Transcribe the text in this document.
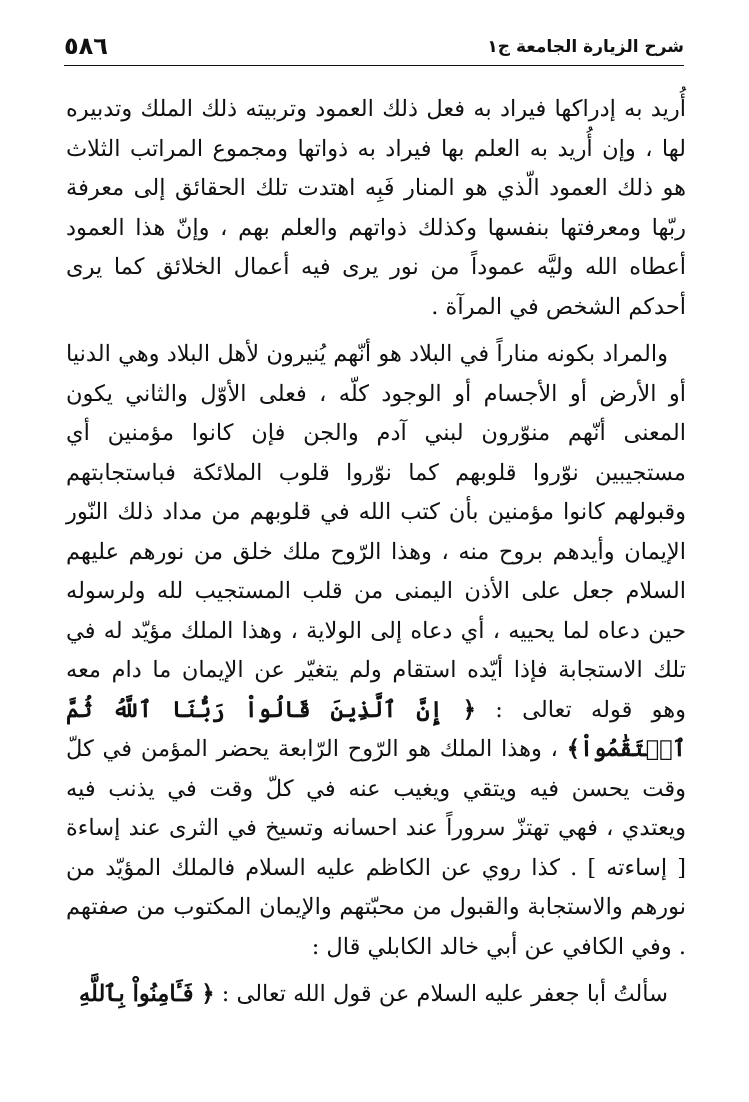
٥٨٦	شرح الزيارة الجامعة ج١

أُريد به إدراكها فيراد به فعل ذلك العمود وتربيته ذلك الملك وتدبيره لها ، وإن أُريد به العلم بها فيراد به ذواتها ومجموع المراتب الثلاث هو ذلك العمود الّذي هو المنار فَبِه اهتدت تلك الحقائق إلى معرفة ربّها ومعرفتها بنفسها وكذلك ذواتهم والعلم بهم ، وإنّ هذا العمود أعطاه الله وليَّه عموداً من نور يرى فيه أعمال الخلائق كما يرى أحدكم الشخص في المرآة .

والمراد بكونه مناراً في البلاد هو أنّهم يُنيرون لأهل البلاد وهي الدنيا أو الأرض أو الأجسام أو الوجود كلّه ، فعلى الأوّل والثاني يكون المعنى أنّهم منوّرون لبني آدم والجن فإن كانوا مؤمنين أي مستجيبين نوّروا قلوبهم كما نوّروا قلوب الملائكة فباستجابتهم وقبولهم كانوا مؤمنين بأن كتب الله في قلوبهم من مداد ذلك النّور الإيمان وأيدهم بروح منه ، وهذا الرّوح ملك خلق من نورهم عليهم السلام جعل على الأذن اليمنى من قلب المستجيب لله ولرسوله حين دعاه لما يحييه ، أي دعاه إلى الولاية ، وهذا الملك مؤيّد له في تلك الاستجابة فإذا أيّده استقام ولم يتغيّر عن الإيمان ما دام معه وهو قوله تعالى : ﴿ إِنَّ ٱلَّذِينَ قَالُواْ رَبُّنَا ٱللَّهُ ثُمَّ ٱسۡتَقَٰمُواْ﴾ ، وهذا الملك هو الرّوح الرّابعة يحضر المؤمن في كلّ وقت يحسن فيه ويتقي ويغيب عنه في كلّ وقت في يذنب فيه ويعتدي ، فهي تهتزّ سروراً عند احسانه وتسيخ في الثرى عند إساءة [ إساءته ] . كذا روي عن الكاظم عليه السلام فالملك المؤيّد من نورهم والاستجابة والقبول من محبّتهم والإيمان المكتوب من صفتهم . وفي الكافي عن أبي خالد الكابلي قال :

سألتُ أبا جعفر عليه السلام عن قول الله تعالى : ﴿ فَـَٔامِنُواْ بِٱللَّهِ
